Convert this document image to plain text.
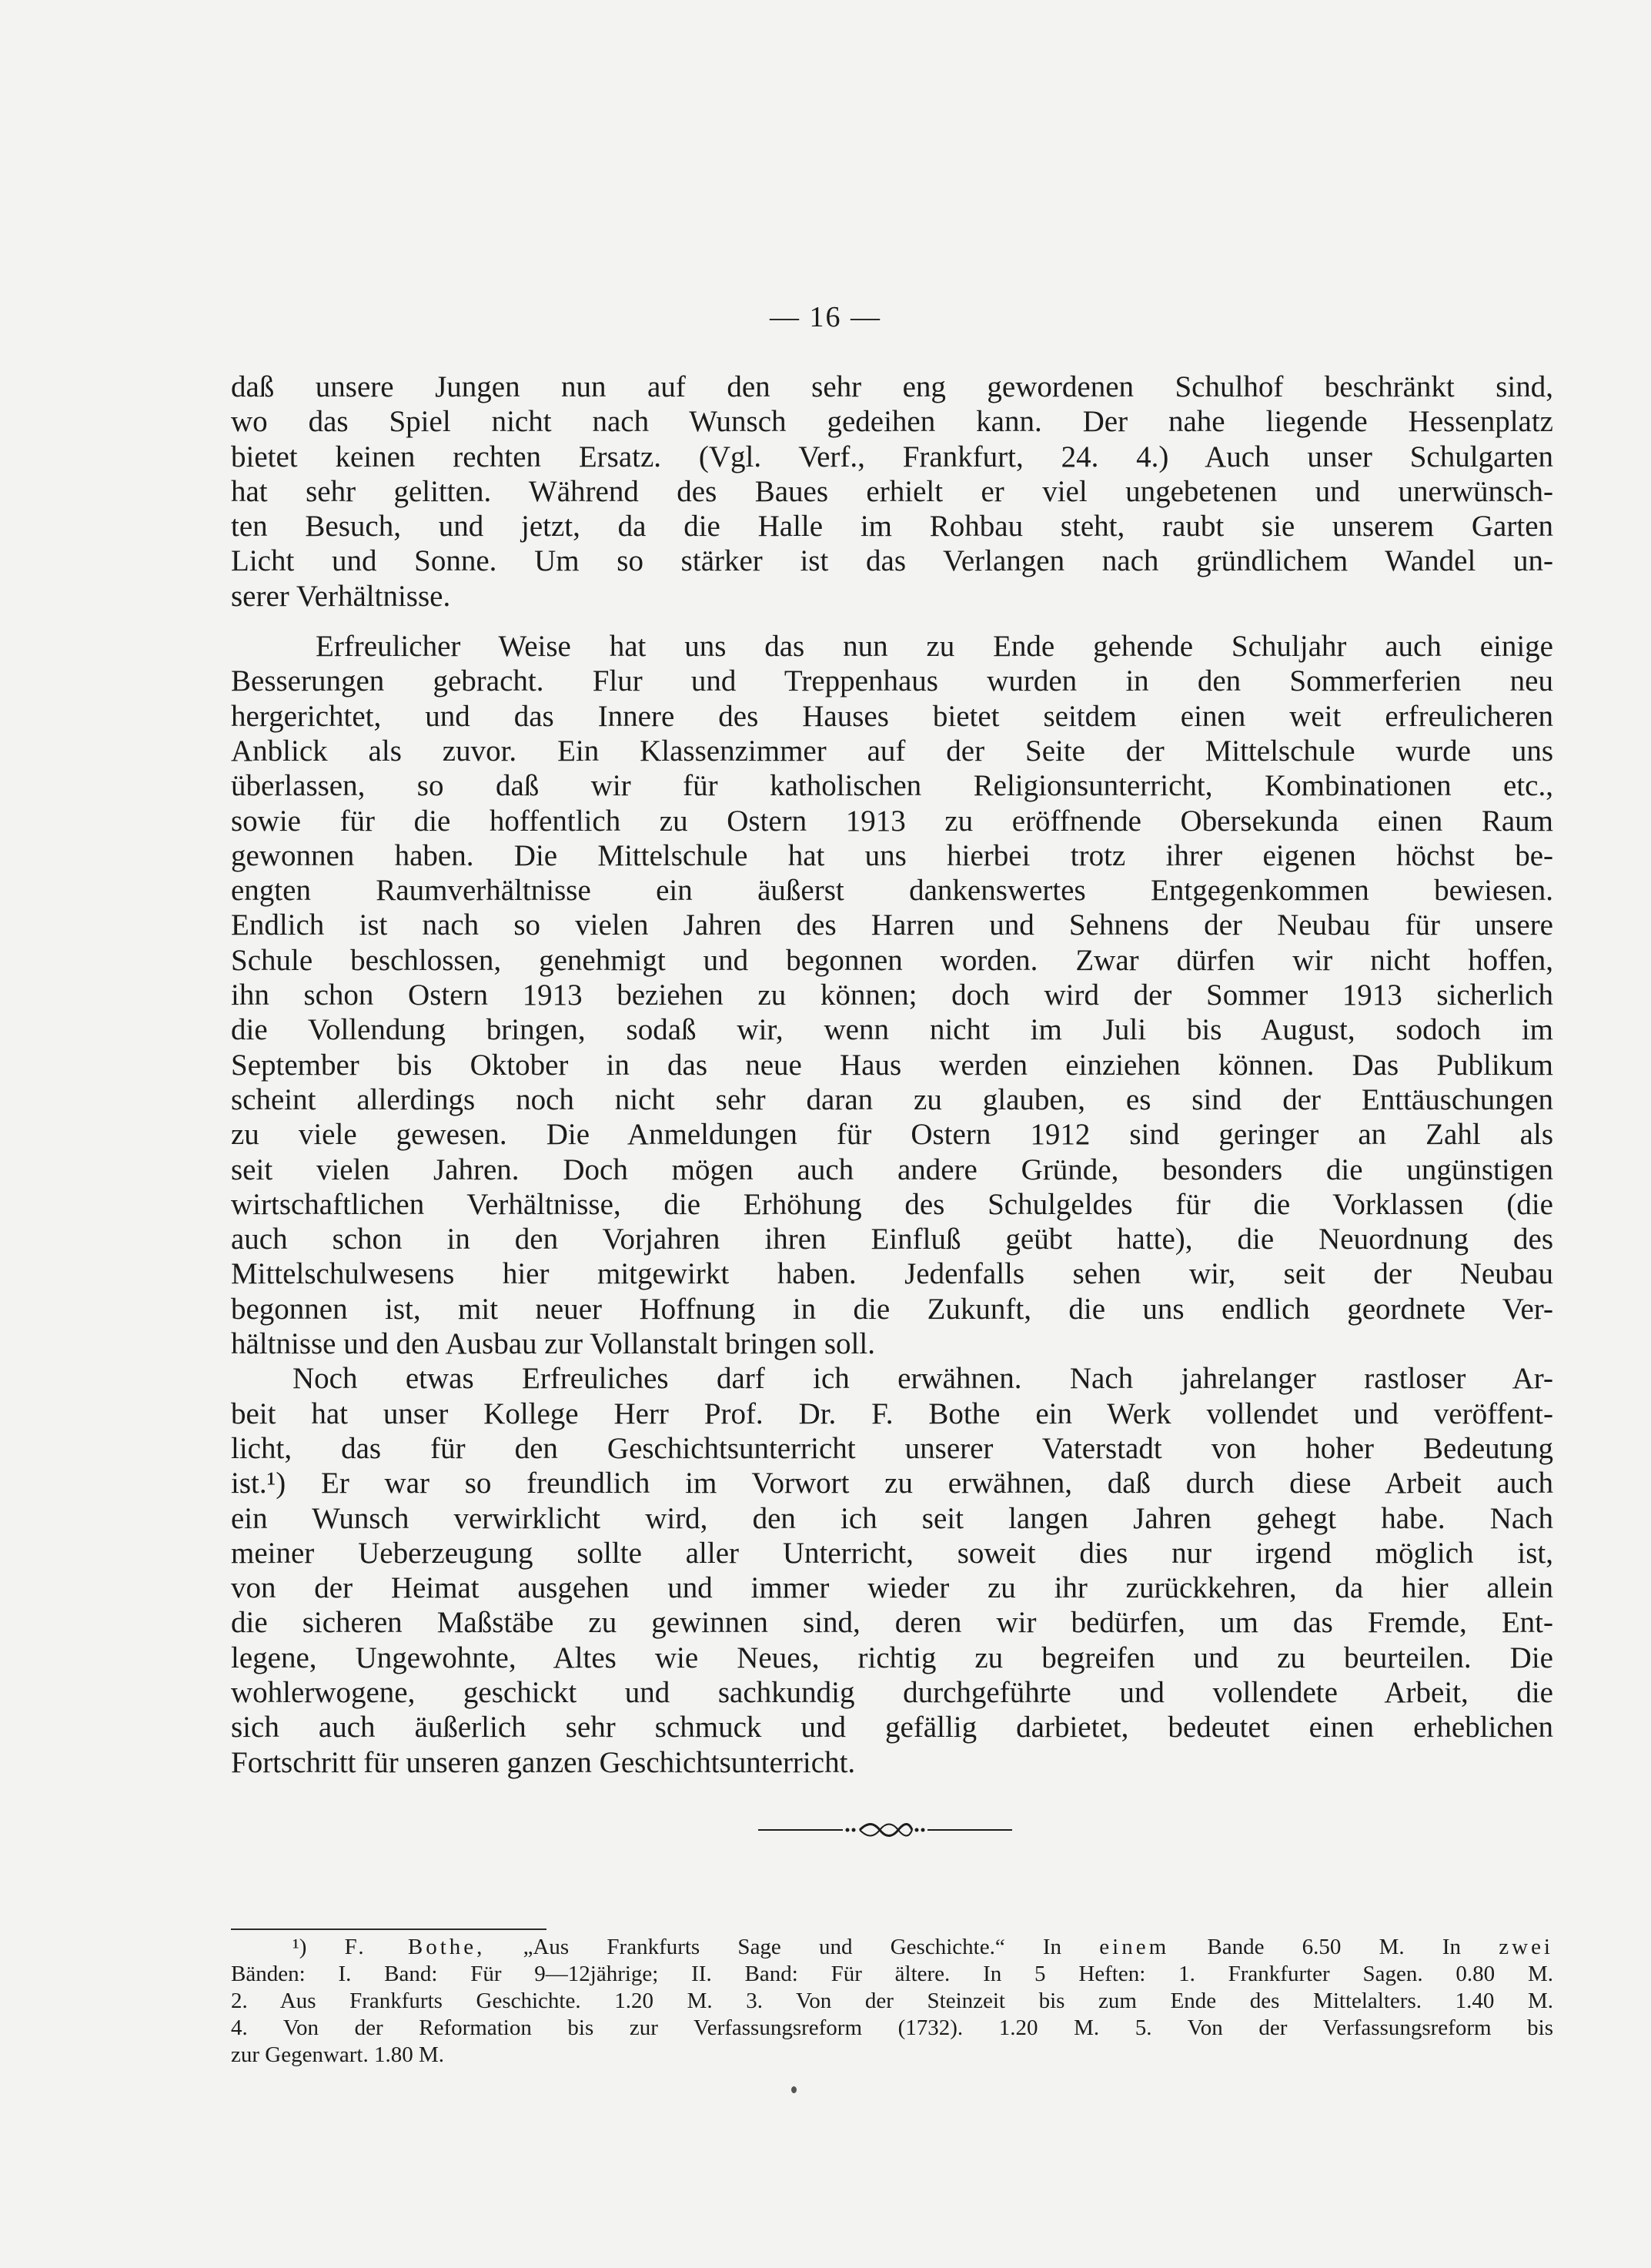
— 16 —
daß unsere Jungen nun auf den sehr eng gewordenen Schulhof beschränkt sind,
wo das Spiel nicht nach Wunsch gedeihen kann. Der nahe liegende Hessenplatz
bietet keinen rechten Ersatz. (Vgl. Verf., Frankfurt, 24. 4.) Auch unser Schulgarten
hat sehr gelitten. Während des Baues erhielt er viel ungebetenen und unerwünsch-
ten Besuch, und jetzt, da die Halle im Rohbau steht, raubt sie unserem Garten
Licht und Sonne. Um so stärker ist das Verlangen nach gründlichem Wandel un-
serer Verhältnisse.
Erfreulicher Weise hat uns das nun zu Ende gehende Schuljahr auch einige
Besserungen gebracht. Flur und Treppenhaus wurden in den Sommerferien neu
hergerichtet, und das Innere des Hauses bietet seitdem einen weit erfreulicheren
Anblick als zuvor. Ein Klassenzimmer auf der Seite der Mittelschule wurde uns
überlassen, so daß wir für katholischen Religionsunterricht, Kombinationen etc.,
sowie für die hoffentlich zu Ostern 1913 zu eröffnende Obersekunda einen Raum
gewonnen haben. Die Mittelschule hat uns hierbei trotz ihrer eigenen höchst be-
engten Raumverhältnisse ein äußerst dankenswertes Entgegenkommen bewiesen.
Endlich ist nach so vielen Jahren des Harren und Sehnens der Neubau für unsere
Schule beschlossen, genehmigt und begonnen worden. Zwar dürfen wir nicht hoffen,
ihn schon Ostern 1913 beziehen zu können; doch wird der Sommer 1913 sicherlich
die Vollendung bringen, sodaß wir, wenn nicht im Juli bis August, sodoch im
September bis Oktober in das neue Haus werden einziehen können. Das Publikum
scheint allerdings noch nicht sehr daran zu glauben, es sind der Enttäuschungen
zu viele gewesen. Die Anmeldungen für Ostern 1912 sind geringer an Zahl als
seit vielen Jahren. Doch mögen auch andere Gründe, besonders die ungünstigen
wirtschaftlichen Verhältnisse, die Erhöhung des Schulgeldes für die Vorklassen (die
auch schon in den Vorjahren ihren Einfluß geübt hatte), die Neuordnung des
Mittelschulwesens hier mitgewirkt haben. Jedenfalls sehen wir, seit der Neubau
begonnen ist, mit neuer Hoffnung in die Zukunft, die uns endlich geordnete Ver-
hältnisse und den Ausbau zur Vollanstalt bringen soll.
Noch etwas Erfreuliches darf ich erwähnen. Nach jahrelanger rastloser Ar-
beit hat unser Kollege Herr Prof. Dr. F. Bothe ein Werk vollendet und veröffent-
licht, das für den Geschichtsunterricht unserer Vaterstadt von hoher Bedeutung
ist.¹) Er war so freundlich im Vorwort zu erwähnen, daß durch diese Arbeit auch
ein Wunsch verwirklicht wird, den ich seit langen Jahren gehegt habe. Nach
meiner Ueberzeugung sollte aller Unterricht, soweit dies nur irgend möglich ist,
von der Heimat ausgehen und immer wieder zu ihr zurückkehren, da hier allein
die sicheren Maßstäbe zu gewinnen sind, deren wir bedürfen, um das Fremde, Ent-
legene, Ungewohnte, Altes wie Neues, richtig zu begreifen und zu beurteilen. Die
wohlerwogene, geschickt und sachkundig durchgeführte und vollendete Arbeit, die
sich auch äußerlich sehr schmuck und gefällig darbietet, bedeutet einen erheblichen
Fortschritt für unseren ganzen Geschichtsunterricht.
¹) F. Bothe, „Aus Frankfurts Sage und Geschichte.“ In einem Bande 6.50 M. In zwei
Bänden: I. Band: Für 9—12jährige; II. Band: Für ältere. In 5 Heften: 1. Frankfurter Sagen. 0.80 M.
2. Aus Frankfurts Geschichte. 1.20 M. 3. Von der Steinzeit bis zum Ende des Mittelalters. 1.40 M.
4. Von der Reformation bis zur Verfassungsreform (1732). 1.20 M. 5. Von der Verfassungsreform bis
zur Gegenwart. 1.80 M.
